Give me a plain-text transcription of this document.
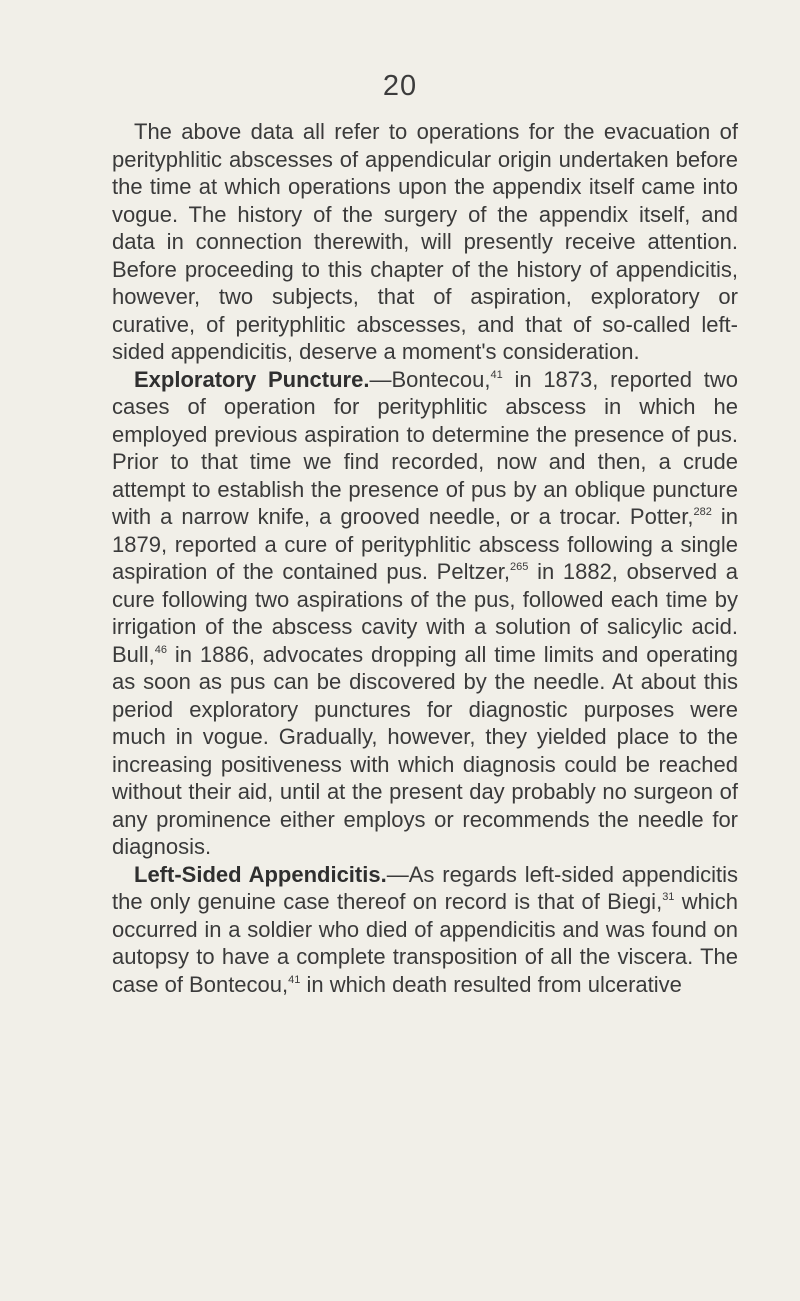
20

The above data all refer to operations for the evacuation of perityphlitic abscesses of appendicular origin undertaken before the time at which operations upon the appendix itself came into vogue. The history of the surgery of the appendix itself, and data in connection therewith, will presently receive attention. Before proceeding to this chapter of the history of appendicitis, however, two subjects, that of aspiration, exploratory or curative, of perityphlitic abscesses, and that of so-called left-sided appendicitis, deserve a moment's consideration.

Exploratory Puncture.—Bontecou,$^{41}$ in 1873, reported two cases of operation for perityphlitic abscess in which he employed previous aspiration to determine the presence of pus. Prior to that time we find recorded, now and then, a crude attempt to establish the presence of pus by an oblique puncture with a narrow knife, a grooved needle, or a trocar. Potter,$^{282}$ in 1879, reported a cure of perityphlitic abscess following a single aspiration of the contained pus. Peltzer,$^{265}$ in 1882, observed a cure following two aspirations of the pus, followed each time by irrigation of the abscess cavity with a solution of salicylic acid. Bull,$^{46}$ in 1886, advocates dropping all time limits and operating as soon as pus can be discovered by the needle. At about this period exploratory punctures for diagnostic purposes were much in vogue. Gradually, however, they yielded place to the increasing positiveness with which diagnosis could be reached without their aid, until at the present day probably no surgeon of any prominence either employs or recommends the needle for diagnosis.

Left-Sided Appendicitis.—As regards left-sided appendicitis the only genuine case thereof on record is that of Biegi,$^{31}$ which occurred in a soldier who died of appendicitis and was found on autopsy to have a complete transposition of all the viscera. The case of Bontecou,$^{41}$ in which death resulted from ulcerative
